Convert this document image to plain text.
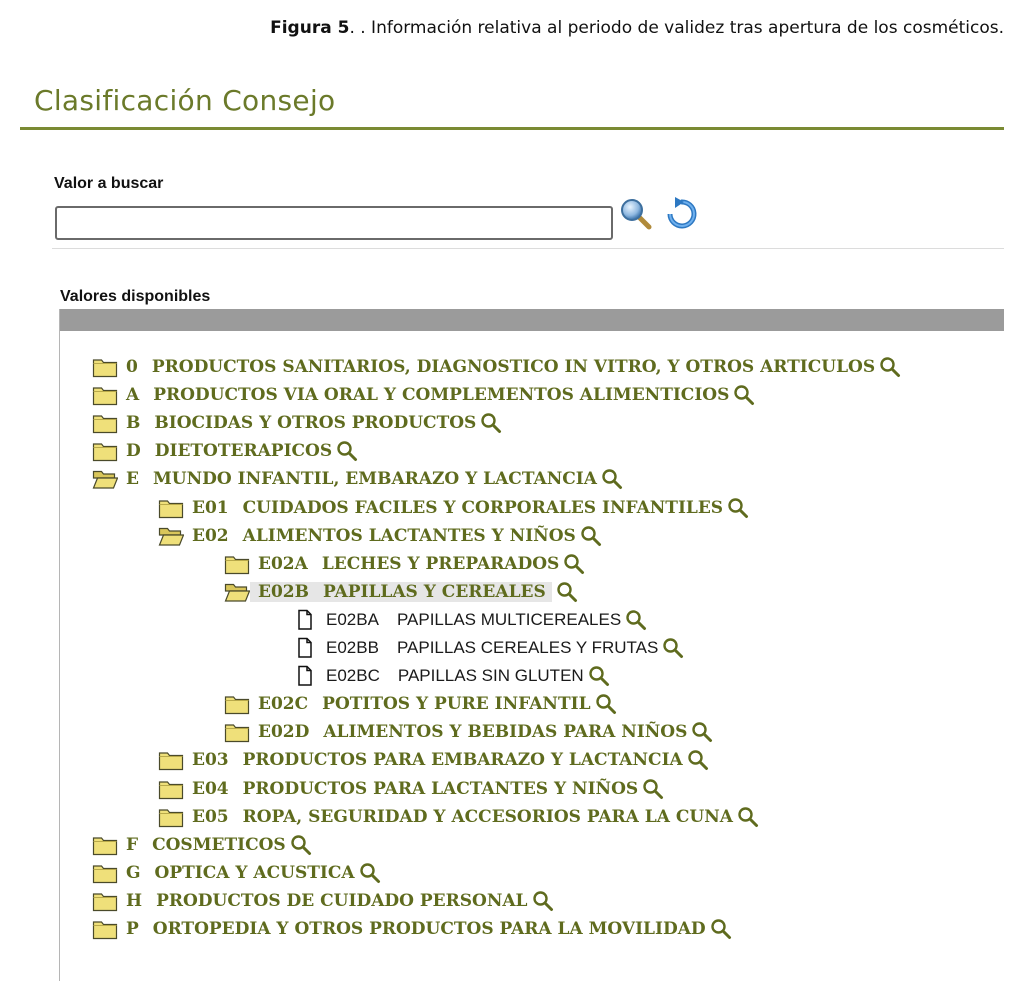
Figura 5. . Información relativa al periodo de validez tras apertura de los cosméticos.
Clasificación Consejo
Valor a buscar
Valores disponibles
0 PRODUCTOS SANITARIOS, DIAGNOSTICO IN VITRO, Y OTROS ARTICULOS
A PRODUCTOS VIA ORAL Y COMPLEMENTOS ALIMENTICIOS
B BIOCIDAS Y OTROS PRODUCTOS
D DIETOTERAPICOS
E MUNDO INFANTIL, EMBARAZO Y LACTANCIA
E01 CUIDADOS FACILES Y CORPORALES INFANTILES
E02 ALIMENTOS LACTANTES Y NIÑOS
E02A LECHES Y PREPARADOS
E02B PAPILLAS Y CEREALES
E02BA PAPILLAS MULTICEREALES
E02BB PAPILLAS CEREALES Y FRUTAS
E02BC PAPILLAS SIN GLUTEN
E02C POTITOS Y PURE INFANTIL
E02D ALIMENTOS Y BEBIDAS PARA NIÑOS
E03 PRODUCTOS PARA EMBARAZO Y LACTANCIA
E04 PRODUCTOS PARA LACTANTES Y NIÑOS
E05 ROPA, SEGURIDAD Y ACCESORIOS PARA LA CUNA
F COSMETICOS
G OPTICA Y ACUSTICA
H PRODUCTOS DE CUIDADO PERSONAL
P ORTOPEDIA Y OTROS PRODUCTOS PARA LA MOVILIDAD
